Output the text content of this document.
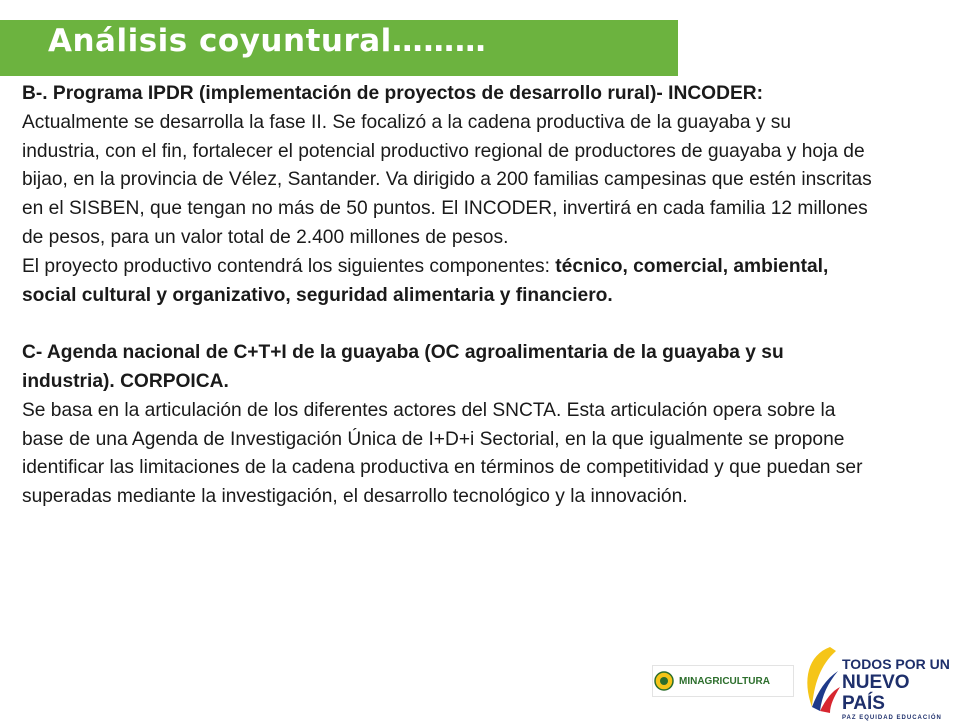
Análisis coyuntural………

B-. Programa IPDR (implementación de proyectos de desarrollo rural)- INCODER:

Actualmente se desarrolla la fase II. Se focalizó a la cadena productiva de la guayaba y su industria, con el fin, fortalecer el potencial productivo regional de productores de guayaba y hoja de bijao, en la provincia de Vélez, Santander. Va dirigido a 200 familias campesinas que estén inscritas en el SISBEN, que tengan no más de 50 puntos. El INCODER, invertirá en cada familia 12 millones de pesos, para un valor total de 2.400 millones de pesos.

El proyecto productivo contendrá los siguientes componentes: técnico, comercial, ambiental, social cultural y organizativo, seguridad alimentaria y financiero.

C- Agenda nacional de C+T+I de la guayaba (OC agroalimentaria de la guayaba y su industria). CORPOICA.

Se basa en la articulación de los diferentes actores del SNCTA. Esta articulación opera sobre la base de una Agenda de Investigación Única de I+D+i Sectorial, en la que igualmente se propone identificar las limitaciones de la cadena productiva en términos de competitividad y que puedan ser superadas mediante la investigación, el desarrollo tecnológico y la innovación.

MINAGRICULTURA
TODOS POR UN
NUEVO PAÍS
PAZ EQUIDAD EDUCACIÓN
